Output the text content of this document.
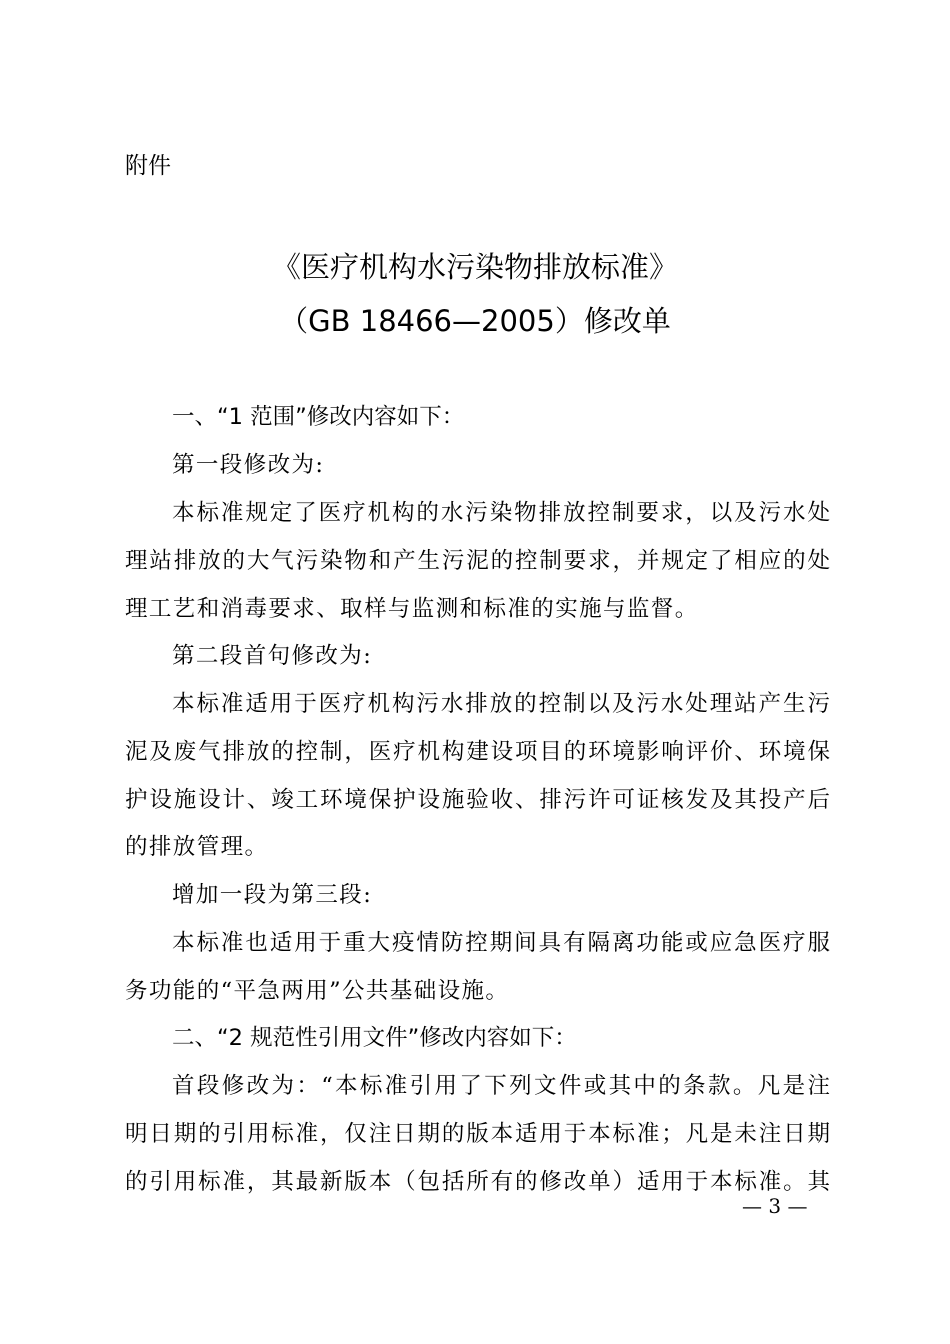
附件
《医疗机构水污染物排放标准》
（GB 18466—2005）修改单
一、“1 范围”修改内容如下：
第一段修改为:
本标准规定了医疗机构的水污染物排放控制要求，以及污水处
理站排放的大气污染物和产生污泥的控制要求，并规定了相应的处
理工艺和消毒要求、取样与监测和标准的实施与监督。
第二段首句修改为:
本标准适用于医疗机构污水排放的控制以及污水处理站产生污
泥及废气排放的控制，医疗机构建设项目的环境影响评价、环境保
护设施设计、竣工环境保护设施验收、排污许可证核发及其投产后
的排放管理。
增加一段为第三段:
本标准也适用于重大疫情防控期间具有隔离功能或应急医疗服
务功能的“平急两用”公共基础设施。
二、“2 规范性引用文件”修改内容如下：
首段修改为：“本标准引用了下列文件或其中的条款。凡是注
明日期的引用标准，仅注日期的版本适用于本标准；凡是未注日期
的引用标准，其最新版本（包括所有的修改单）适用于本标准。其
— 3 —
